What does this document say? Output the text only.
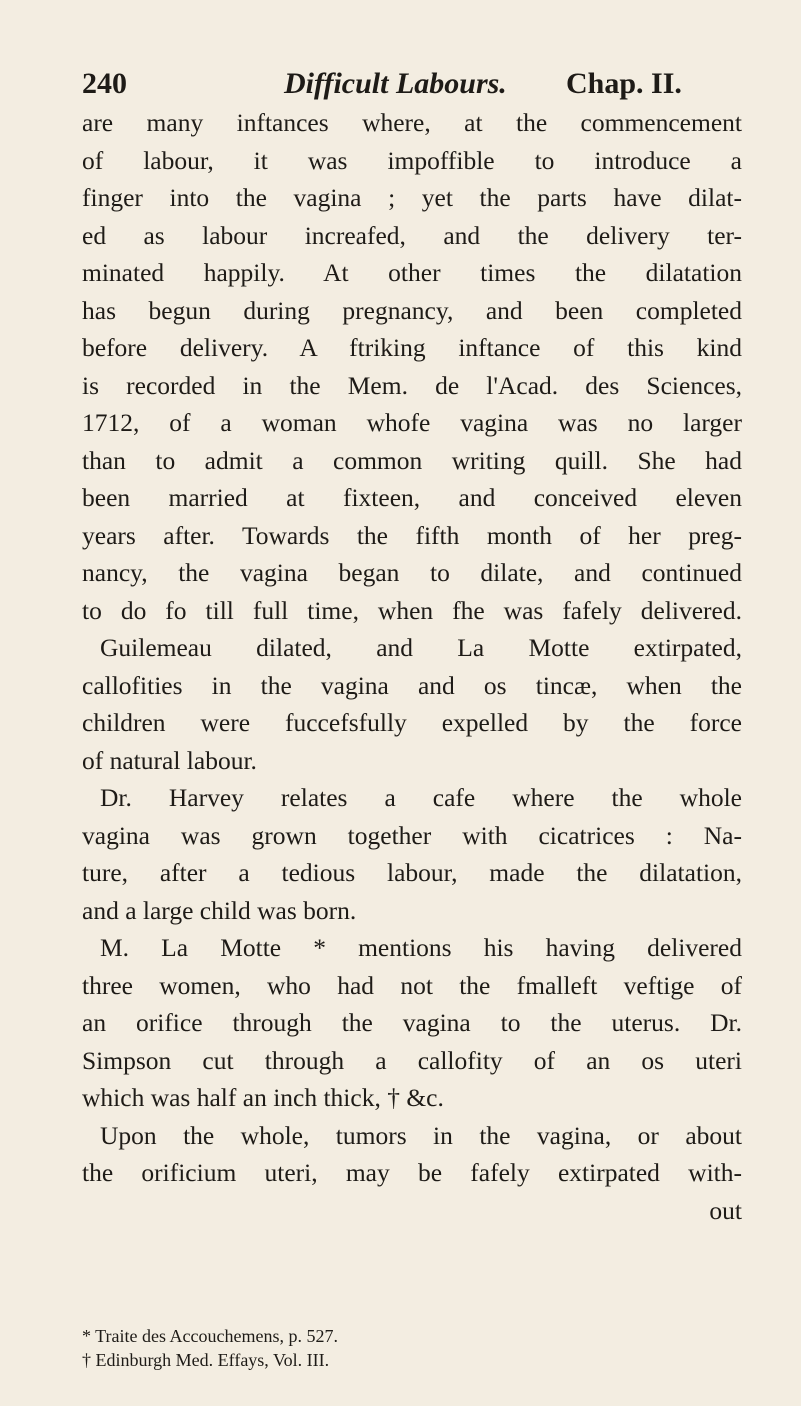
240	Difficult Labours. Chap. II.
are many inftances where, at the commencement
of labour, it was impoffible to introduce a
finger into the vagina ; yet the parts have dilat-
ed as labour increafed, and the delivery ter-
minated happily. At other times the dilatation
has begun during pregnancy, and been completed
before delivery. A ftriking inftance of this kind
is recorded in the Mem. de l'Acad. des Sciences,
1712, of a woman whofe vagina was no larger
than to admit a common writing quill. She had
been married at fixteen, and conceived eleven
years after. Towards the fifth month of her preg-
nancy, the vagina began to dilate, and continued
to do fo till full time, when fhe was fafely delivered.
Guilemeau dilated, and La Motte extirpated,
callofities in the vagina and os tincæ, when the
children were fuccefsfully expelled by the force
of natural labour.
Dr. Harvey relates a cafe where the whole
vagina was grown together with cicatrices : Na-
ture, after a tedious labour, made the dilatation,
and a large child was born.
M. La Motte * mentions his having delivered
three women, who had not the fmalleft veftige of
an orifice through the vagina to the uterus. Dr.
Simpson cut through a callofity of an os uteri
which was half an inch thick, † &c.
Upon the whole, tumors in the vagina, or about
the orificium uteri, may be fafely extirpated with-
out
* Traite des Accouchemens, p. 527.
† Edinburgh Med. Effays, Vol. III.
